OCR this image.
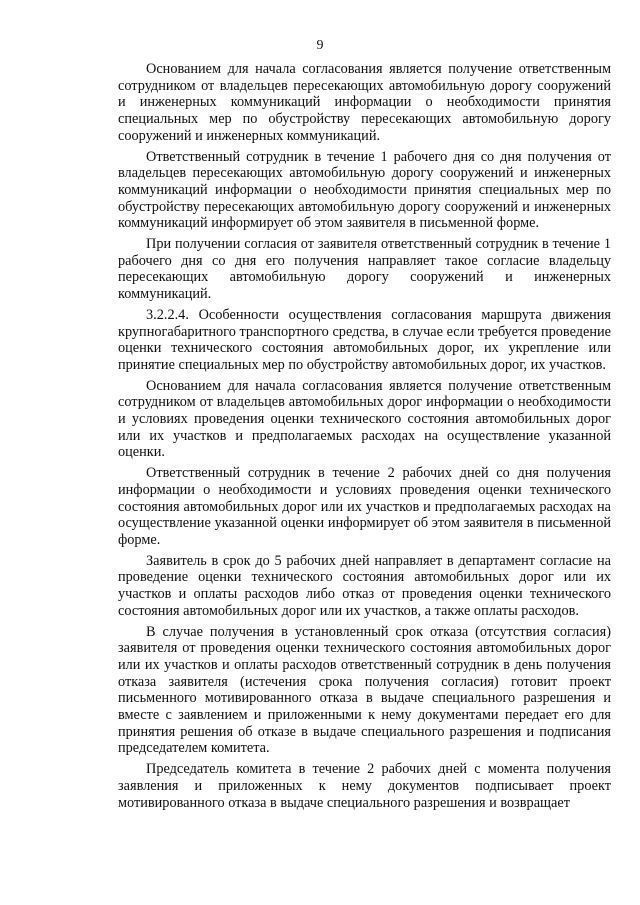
9

Основанием для начала согласования является получение ответственным сотрудником от владельцев пересекающих автомобильную дорогу сооружений и инженерных коммуникаций информации о необходимости принятия специальных мер по обустройству пересекающих автомобильную дорогу сооружений и инженерных коммуникаций.

Ответственный сотрудник в течение 1 рабочего дня со дня получения от владельцев пересекающих автомобильную дорогу сооружений и инженерных коммуникаций информации о необходимости принятия специальных мер по обустройству пересекающих автомобильную дорогу сооружений и инженерных коммуникаций информирует об этом заявителя в письменной форме.

При получении согласия от заявителя ответственный сотрудник в течение 1 рабочего дня со дня его получения направляет такое согласие владельцу пересекающих автомобильную дорогу сооружений и инженерных коммуникаций.

3.2.2.4. Особенности осуществления согласования маршрута движения крупногабаритного транспортного средства, в случае если требуется проведение оценки технического состояния автомобильных дорог, их укрепление или принятие специальных мер по обустройству автомобильных дорог, их участков.

Основанием для начала согласования является получение ответственным сотрудником от владельцев автомобильных дорог информации о необходимости и условиях проведения оценки технического состояния автомобильных дорог или их участков и предполагаемых расходах на осуществление указанной оценки.

Ответственный сотрудник в течение 2 рабочих дней со дня получения информации о необходимости и условиях проведения оценки технического состояния автомобильных дорог или их участков и предполагаемых расходах на осуществление указанной оценки информирует об этом заявителя в письменной форме.

Заявитель в срок до 5 рабочих дней направляет в департамент согласие на проведение оценки технического состояния автомобильных дорог или их участков и оплаты расходов либо отказ от проведения оценки технического состояния автомобильных дорог или их участков, а также оплаты расходов.

В случае получения в установленный срок отказа (отсутствия согласия) заявителя от проведения оценки технического состояния автомобильных дорог или их участков и оплаты расходов ответственный сотрудник в день получения отказа заявителя (истечения срока получения согласия) готовит проект письменного мотивированного отказа в выдаче специального разрешения и вместе с заявлением и приложенными к нему документами передает его для принятия решения об отказе в выдаче специального разрешения и подписания председателем комитета.

Председатель комитета в течение 2 рабочих дней с момента получения заявления и приложенных к нему документов подписывает проект мотивированного отказа в выдаче специального разрешения и возвращает
